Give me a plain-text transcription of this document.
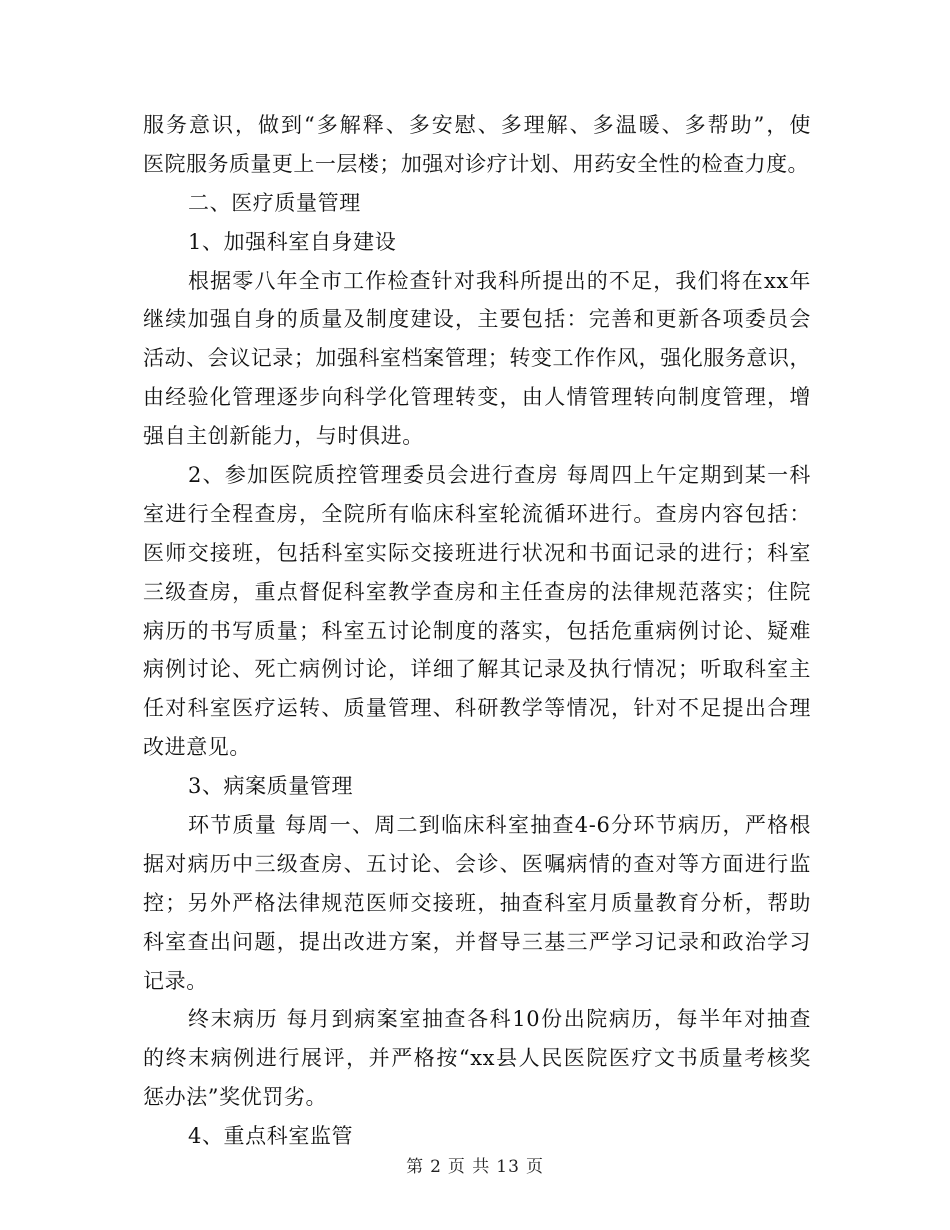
服务意识，做到“多解释、多安慰、多理解、多温暖、多帮助”，使
医院服务质量更上一层楼；加强对诊疗计划、用药安全性的检查力度。
二、医疗质量管理
1、加强科室自身建设
根据零八年全市工作检查针对我科所提出的不足，我们将在xx年
继续加强自身的质量及制度建设，主要包括：完善和更新各项委员会
活动、会议记录；加强科室档案管理；转变工作作风，强化服务意识，
由经验化管理逐步向科学化管理转变，由人情管理转向制度管理，增
强自主创新能力，与时俱进。
2、参加医院质控管理委员会进行查房 每周四上午定期到某一科
室进行全程查房，全院所有临床科室轮流循环进行。查房内容包括：
医师交接班，包括科室实际交接班进行状况和书面记录的进行；科室
三级查房，重点督促科室教学查房和主任查房的法律规范落实；住院
病历的书写质量；科室五讨论制度的落实，包括危重病例讨论、疑难
病例讨论、死亡病例讨论，详细了解其记录及执行情况；听取科室主
任对科室医疗运转、质量管理、科研教学等情况，针对不足提出合理
改进意见。
3、病案质量管理
环节质量 每周一、周二到临床科室抽查4-6分环节病历，严格根
据对病历中三级查房、五讨论、会诊、医嘱病情的查对等方面进行监
控；另外严格法律规范医师交接班，抽查科室月质量教育分析，帮助
科室查出问题，提出改进方案，并督导三基三严学习记录和政治学习
记录。
终末病历 每月到病案室抽查各科10份出院病历，每半年对抽查
的终末病例进行展评，并严格按“xx县人民医院医疗文书质量考核奖
惩办法”奖优罚劣。
4、重点科室监管
第 2 页 共 13 页
